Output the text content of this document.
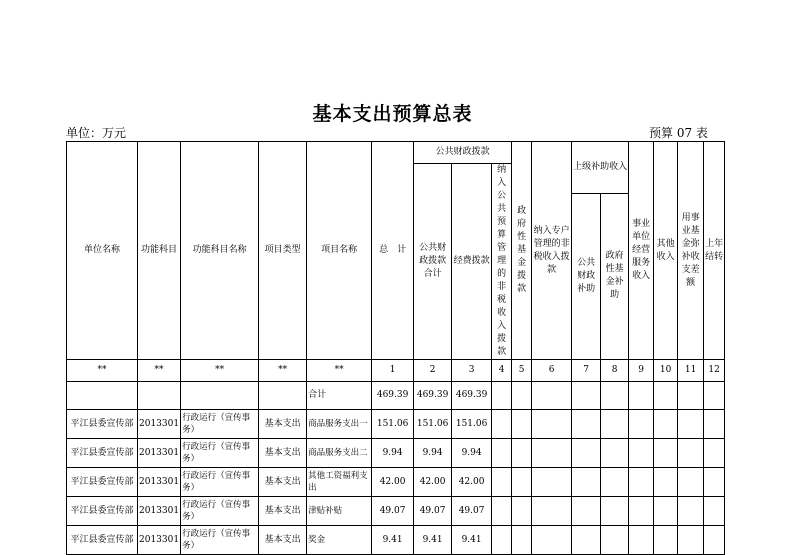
基本支出预算总表
单位：万元	预算 07 表
单位名称	功能科目	功能科目名称	项目类型	项目名称	总　计	公共财政拨款			政府性基金拨款	纳入专户管理的非税收入拨款	上级补助收入		事业单位经营服务收入	其他收入	用事业基金弥补收支差额	上年结转
						公共财政拨款合计	经费拨款	纳入公共预算管理的非税收入拨款								
											公共财政补助	政府性基金补助				
**	**	**	**	**	1	2	3	4	5	6	7	8	9	10	11	12
				合计	469.39	469.39	469.39									
平江县委宣传部	2013301	行政运行（宣传事务）	基本支出	商品服务支出一	151.06	151.06	151.06									
平江县委宣传部	2013301	行政运行（宣传事务）	基本支出	商品服务支出二	9.94	9.94	9.94									
平江县委宣传部	2013301	行政运行（宣传事务）	基本支出	其他工资福利支出	42.00	42.00	42.00									
平江县委宣传部	2013301	行政运行（宣传事务）	基本支出	津贴补贴	49.07	49.07	49.07									
平江县委宣传部	2013301	行政运行（宣传事务）	基本支出	奖金	9.41	9.41	9.41									
